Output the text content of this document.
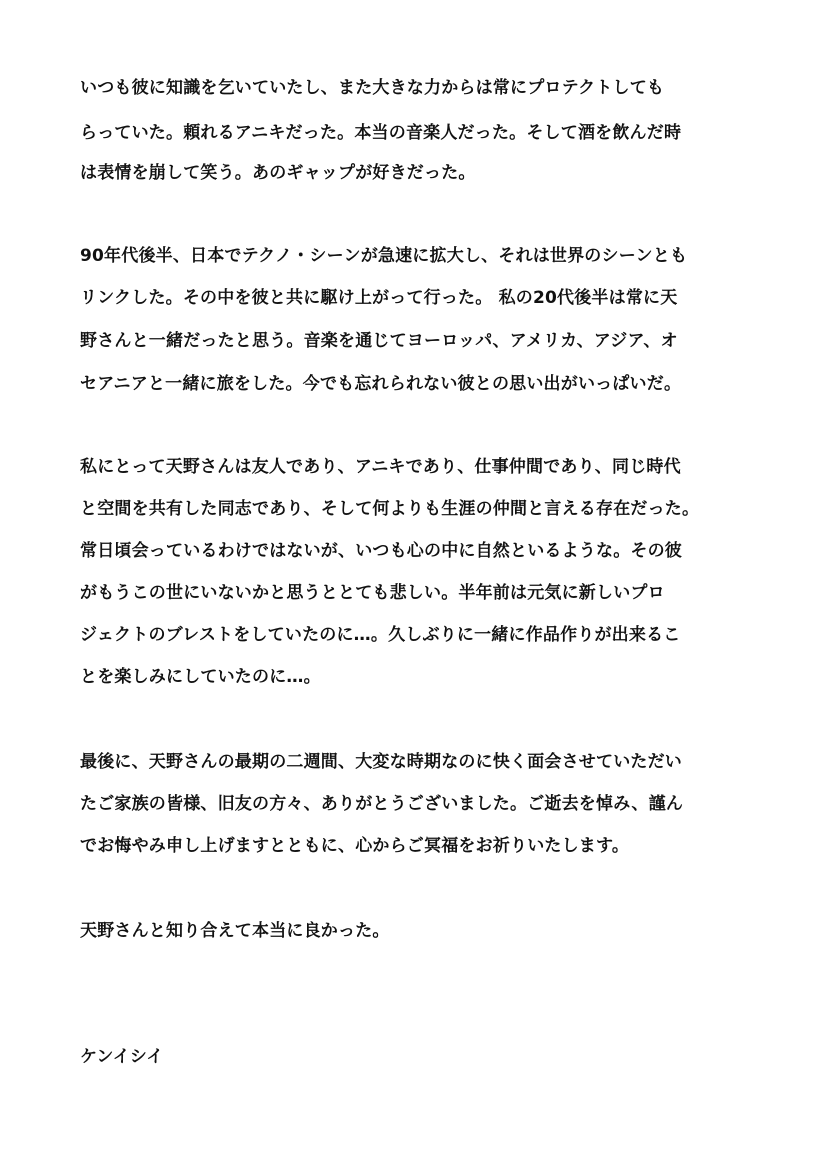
いつも彼に知識を乞いていたし、また大きな力からは常にプロテクトしても
らっていた。頼れるアニキだった。本当の音楽人だった。そして酒を飲んだ時
は表情を崩して笑う。あのギャップが好きだった。
90年代後半、日本でテクノ・シーンが急速に拡大し、それは世界のシーンとも
リンクした。その中を彼と共に駆け上がって行った。 私の20代後半は常に天
野さんと一緒だったと思う。音楽を通じてヨーロッパ、アメリカ、アジア、オ
セアニアと一緒に旅をした。今でも忘れられない彼との思い出がいっぱいだ。
私にとって天野さんは友人であり、アニキであり、仕事仲間であり、同じ時代
と空間を共有した同志であり、そして何よりも生涯の仲間と言える存在だった。
常日頃会っているわけではないが、いつも心の中に自然といるような。その彼
がもうこの世にいないかと思うととても悲しい。半年前は元気に新しいプロ
ジェクトのブレストをしていたのに…。久しぶりに一緒に作品作りが出来るこ
とを楽しみにしていたのに…。
最後に、天野さんの最期の二週間、大変な時期なのに快く面会させていただい
たご家族の皆様、旧友の方々、ありがとうございました。ご逝去を悼み、謹ん
でお悔やみ申し上げますとともに、心からご冥福をお祈りいたします。
天野さんと知り合えて本当に良かった。
ケンイシイ
